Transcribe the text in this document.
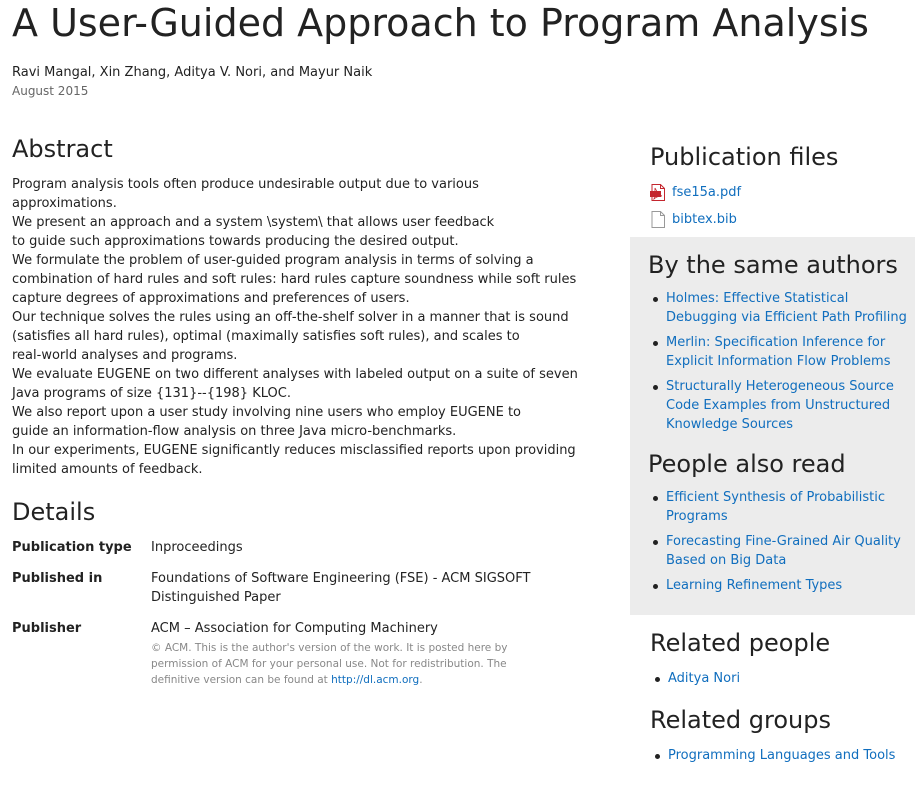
A User-Guided Approach to Program Analysis
Ravi Mangal, Xin Zhang, Aditya V. Nori, and Mayur Naik
August 2015
Abstract
Program analysis tools often produce undesirable output due to various
approximations.
We present an approach and a system \system\ that allows user feedback
to guide such approximations towards producing the desired output.
We formulate the problem of user-guided program analysis in terms of solving a
combination of hard rules and soft rules: hard rules capture soundness while soft rules
capture degrees of approximations and preferences of users.
Our technique solves the rules using an off-the-shelf solver in a manner that is sound
(satisfies all hard rules), optimal (maximally satisfies soft rules), and scales to
real-world analyses and programs.
We evaluate EUGENE on two different analyses with labeled output on a suite of seven
Java programs of size {131}--{198} KLOC.
We also report upon a user study involving nine users who employ EUGENE to
guide an information-flow analysis on three Java micro-benchmarks.
In our experiments, EUGENE significantly reduces misclassified reports upon providing
limited amounts of feedback.
Details
Publication type	Inproceedings
Published in	Foundations of Software Engineering (FSE) - ACM SIGSOFT Distinguished Paper
Publisher	ACM – Association for Computing Machinery
© ACM. This is the author's version of the work. It is posted here by permission of ACM for your personal use. Not for redistribution. The definitive version can be found at http://dl.acm.org.
Publication files
fse15a.pdf
bibtex.bib
By the same authors
Holmes: Effective Statistical Debugging via Efficient Path Profiling
Merlin: Specification Inference for Explicit Information Flow Problems
Structurally Heterogeneous Source Code Examples from Unstructured Knowledge Sources
People also read
Efficient Synthesis of Probabilistic Programs
Forecasting Fine-Grained Air Quality Based on Big Data
Learning Refinement Types
Related people
Aditya Nori
Related groups
Programming Languages and Tools
